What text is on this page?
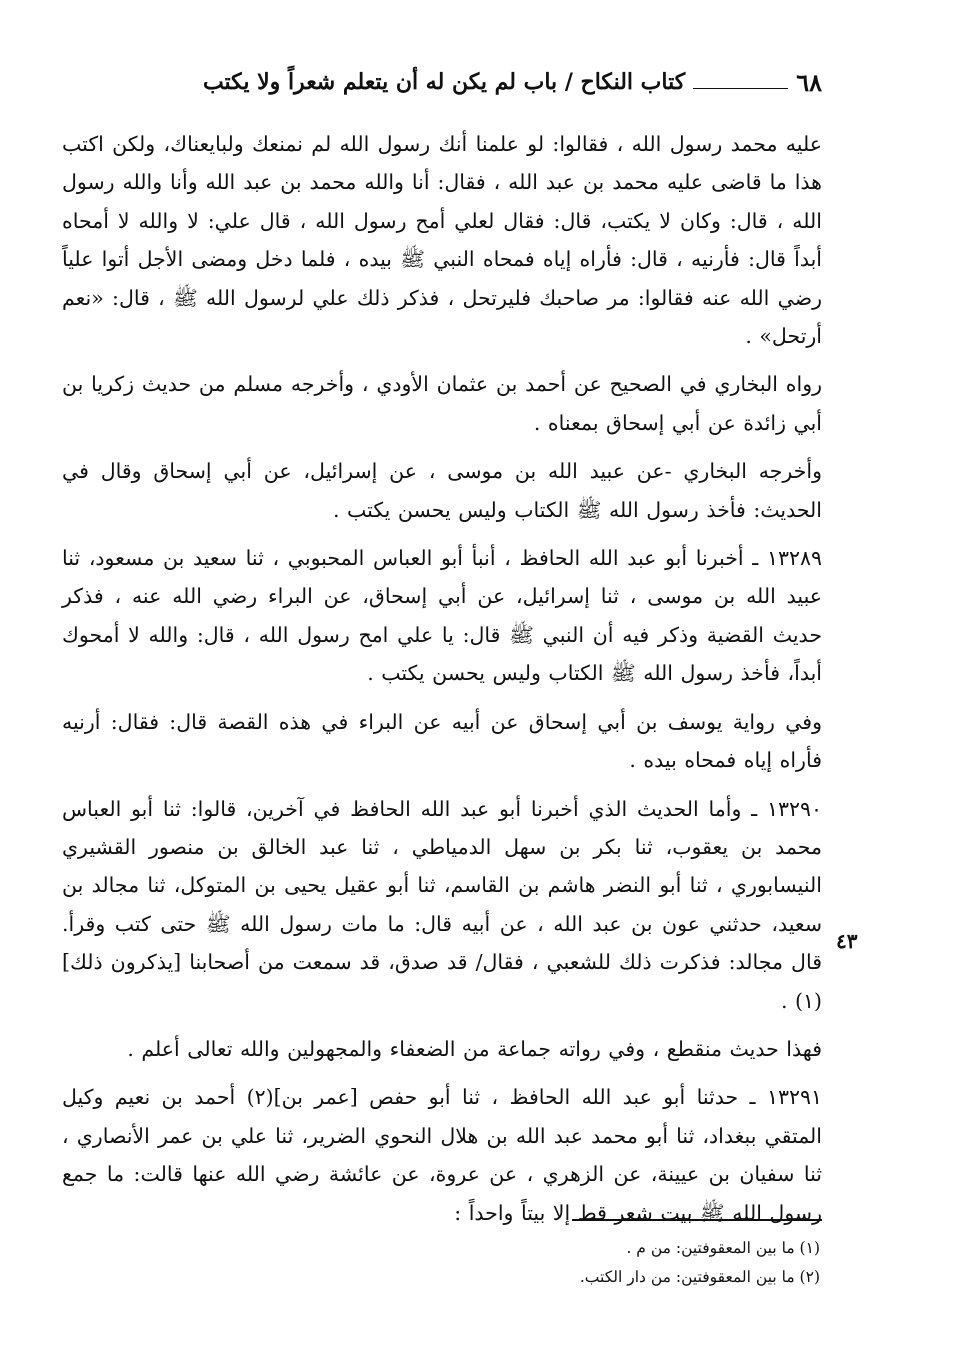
٦٨
كتاب النكاح / باب لم يكن له أن يتعلم شعراً ولا يكتب

عليه محمد رسول الله ، فقالوا: لو علمنا أنك رسول الله لم نمنعك ولبايعناك، ولكن اكتب هذا ما قاضى عليه محمد بن عبد الله ، فقال: أنا والله محمد بن عبد الله وأنا والله رسول الله ، قال: وكان لا يكتب، قال: فقال لعلي أمح رسول الله ، قال علي: لا والله لا أمحاه أبداً قال: فأرنيه ، قال: فأراه إياه فمحاه النبي ﷺ بيده ، فلما دخل ومضى الأجل أتوا علياً رضي الله عنه فقالوا: مر صاحبك فليرتحل ، فذكر ذلك علي لرسول الله ﷺ ، قال: «نعم أرتحل» .

رواه البخاري في الصحيح عن أحمد بن عثمان الأودي ، وأخرجه مسلم من حديث زكريا بن أبي زائدة عن أبي إسحاق بمعناه .

وأخرجه البخاري -عن عبيد الله بن موسى ، عن إسرائيل، عن أبي إسحاق وقال في الحديث: فأخذ رسول الله ﷺ الكتاب وليس يحسن يكتب .

١٣٢٨٩ ـ أخبرنا أبو عبد الله الحافظ ، أنبأ أبو العباس المحبوبي ، ثنا سعيد بن مسعود، ثنا عبيد الله بن موسى ، ثنا إسرائيل، عن أبي إسحاق، عن البراء رضي الله عنه ، فذكر حديث القضية وذكر فيه أن النبي ﷺ قال: يا علي امح رسول الله ، قال: والله لا أمحوك أبداً، فأخذ رسول الله ﷺ الكتاب وليس يحسن يكتب .

وفي رواية يوسف بن أبي إسحاق عن أبيه عن البراء في هذه القصة قال: فقال: أرنيه فأراه إياه فمحاه بيده .

١٣٢٩٠ ـ وأما الحديث الذي أخبرنا أبو عبد الله الحافظ في آخرين، قالوا: ثنا أبو العباس محمد بن يعقوب، ثنا بكر بن سهل الدمياطي ، ثنا عبد الخالق بن منصور القشيري النيسابوري ، ثنا أبو النضر هاشم بن القاسم، ثنا أبو عقيل يحيى بن المتوكل، ثنا مجالد بن سعيد، حدثني عون بن عبد الله ، عن أبيه قال: ما مات رسول الله ﷺ حتى كتب وقرأ. قال مجالد: فذكرت ذلك للشعبي ، فقال/ قد صدق، قد سمعت من أصحابنا [يذكرون ذلك](١) .

فهذا حديث منقطع ، وفي رواته جماعة من الضعفاء والمجهولين والله تعالى أعلم .

١٣٢٩١ ـ حدثنا أبو عبد الله الحافظ ، ثنا أبو حفص [عمر بن](٢) أحمد بن نعيم وكيل المتقي ببغداد، ثنا أبو محمد عبد الله بن هلال النحوي الضرير، ثنا علي بن عمر الأنصاري ، ثنا سفيان بن عيينة، عن الزهري ، عن عروة، عن عائشة رضي الله عنها قالت: ما جمع رسول الله ﷺ بيت شعر قط إلا بيتاً واحداً :

٤٣

(١) ما بين المعقوفتين: من م .

(٢) ما بين المعقوفتين: من دار الكتب.
